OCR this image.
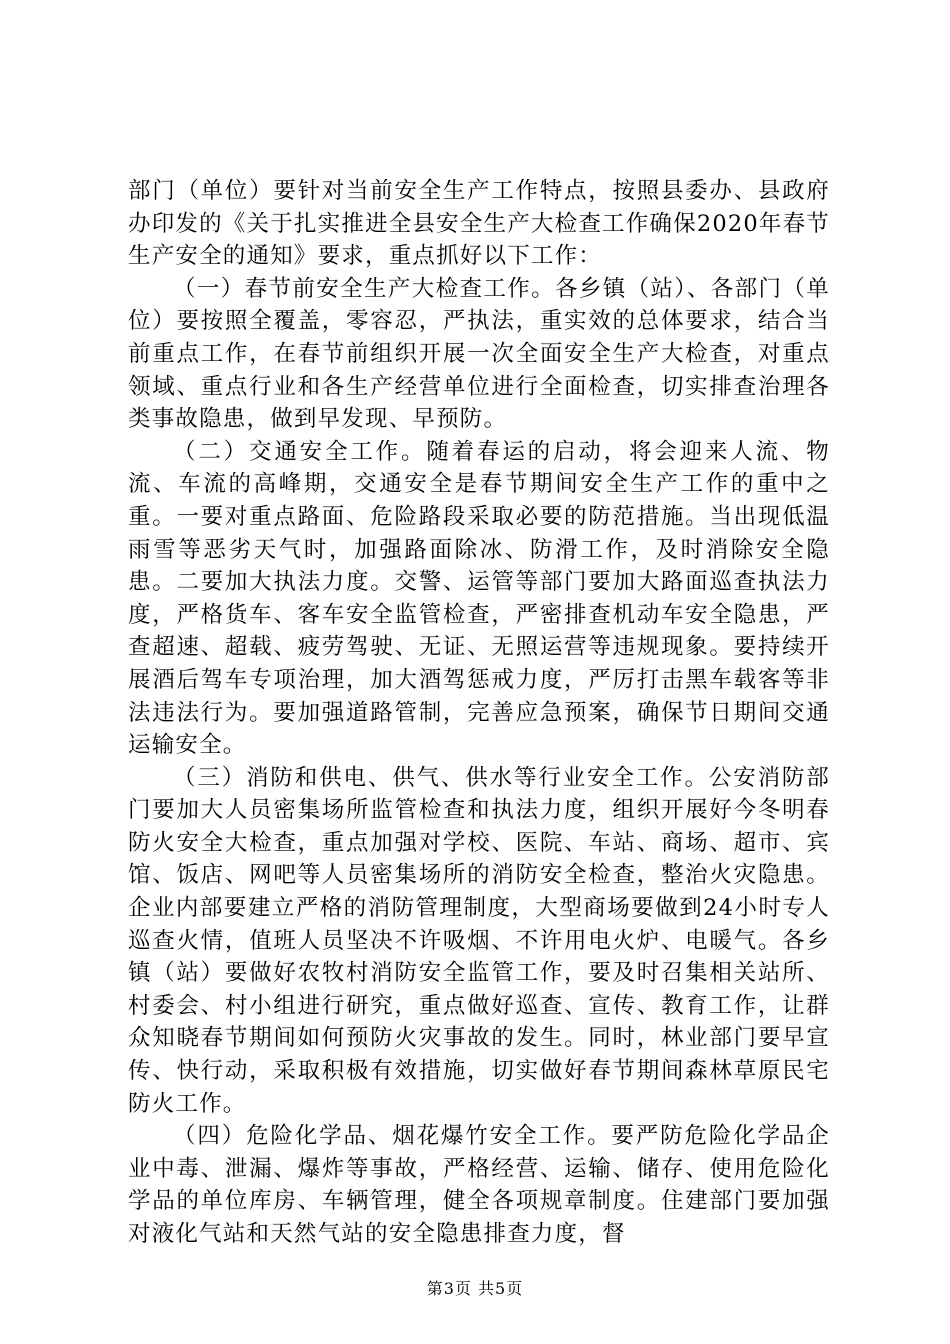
部门（单位）要针对当前安全生产工作特点，按照县委办、县政府办印发的《关于扎实推进全县安全生产大检查工作确保2020年春节生产安全的通知》要求，重点抓好以下工作：

（一）春节前安全生产大检查工作。各乡镇（站）、各部门（单位）要按照全覆盖，零容忍，严执法，重实效的总体要求，结合当前重点工作，在春节前组织开展一次全面安全生产大检查，对重点领域、重点行业和各生产经营单位进行全面检查，切实排查治理各类事故隐患，做到早发现、早预防。

（二）交通安全工作。随着春运的启动，将会迎来人流、物流、车流的高峰期，交通安全是春节期间安全生产工作的重中之重。一要对重点路面、危险路段采取必要的防范措施。当出现低温雨雪等恶劣天气时，加强路面除冰、防滑工作，及时消除安全隐患。二要加大执法力度。交警、运管等部门要加大路面巡查执法力度，严格货车、客车安全监管检查，严密排查机动车安全隐患，严查超速、超载、疲劳驾驶、无证、无照运营等违规现象。要持续开展酒后驾车专项治理，加大酒驾惩戒力度，严厉打击黑车载客等非法违法行为。要加强道路管制，完善应急预案，确保节日期间交通运输安全。

（三）消防和供电、供气、供水等行业安全工作。公安消防部门要加大人员密集场所监管检查和执法力度，组织开展好今冬明春防火安全大检查，重点加强对学校、医院、车站、商场、超市、宾馆、饭店、网吧等人员密集场所的消防安全检查，整治火灾隐患。企业内部要建立严格的消防管理制度，大型商场要做到24小时专人巡查火情，值班人员坚决不许吸烟、不许用电火炉、电暖气。各乡镇（站）要做好农牧村消防安全监管工作，要及时召集相关站所、村委会、村小组进行研究，重点做好巡查、宣传、教育工作，让群众知晓春节期间如何预防火灾事故的发生。同时，林业部门要早宣传、快行动，采取积极有效措施，切实做好春节期间森林草原民宅防火工作。

（四）危险化学品、烟花爆竹安全工作。要严防危险化学品企业中毒、泄漏、爆炸等事故，严格经营、运输、储存、使用危险化学品的单位库房、车辆管理，健全各项规章制度。住建部门要加强对液化气站和天然气站的安全隐患排查力度，督

第3页 共5页
